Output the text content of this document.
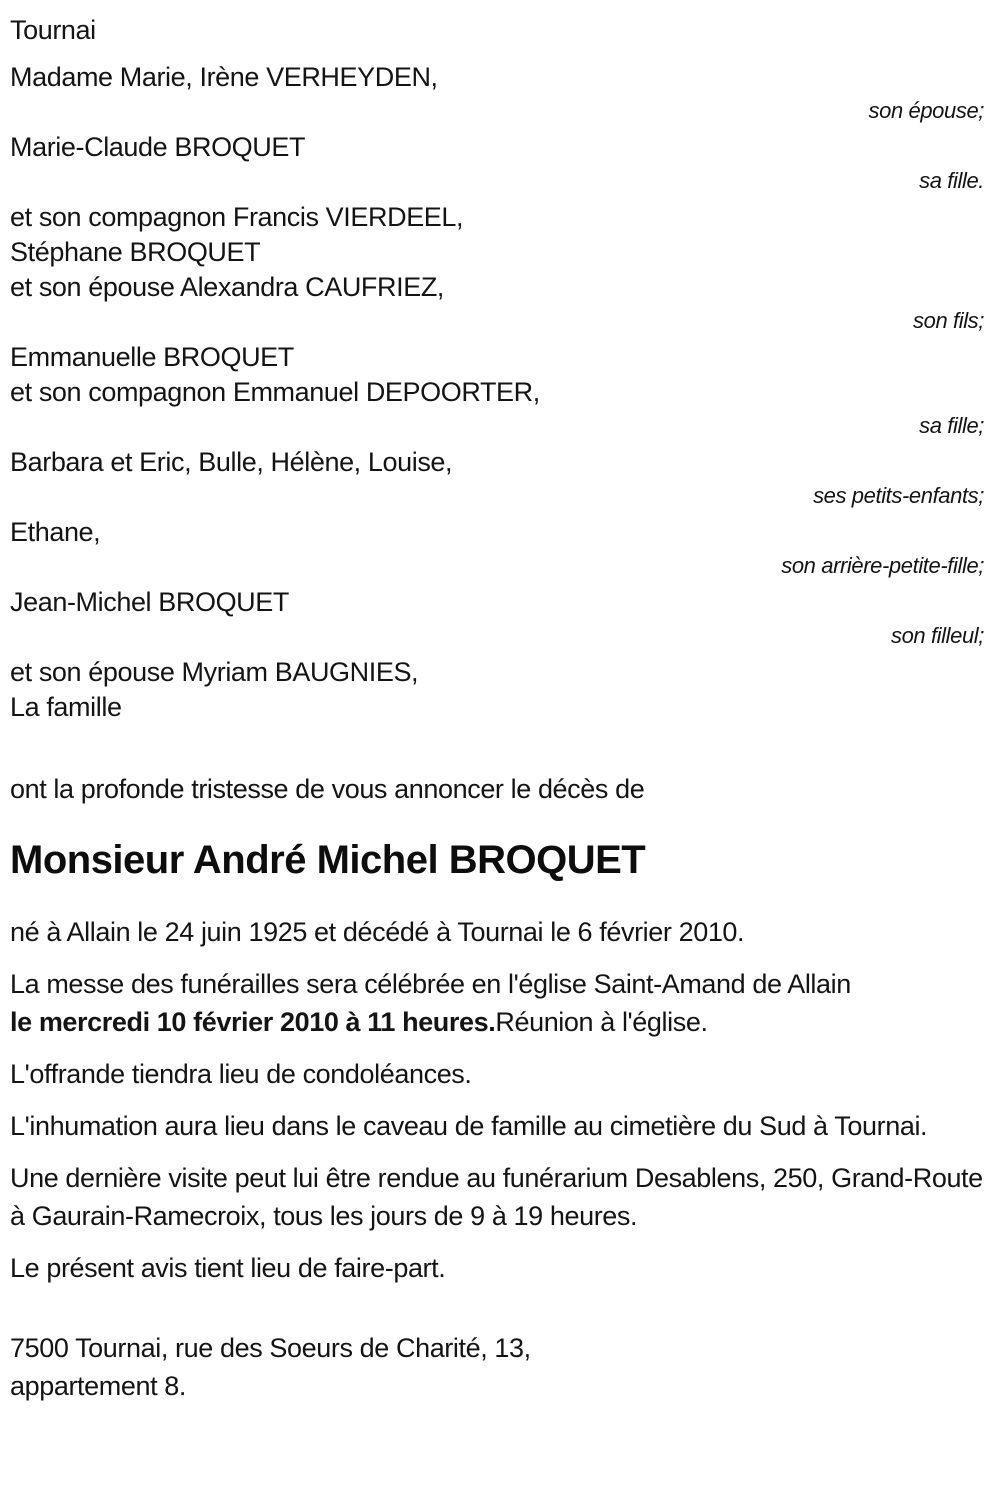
Tournai
Madame Marie, Irène VERHEYDEN,
son épouse;
Marie-Claude BROQUET
sa fille.
et son compagnon Francis VIERDEEL,
Stéphane BROQUET
et son épouse Alexandra CAUFRIEZ,
son fils;
Emmanuelle BROQUET
et son compagnon Emmanuel DEPOORTER,
sa fille;
Barbara et Eric, Bulle, Hélène, Louise,
ses petits-enfants;
Ethane,
son arrière-petite-fille;
Jean-Michel BROQUET
son filleul;
et son épouse Myriam BAUGNIES,
La famille
ont la profonde tristesse de vous annoncer le décès de
Monsieur André Michel BROQUET

né à Allain le 24 juin 1925 et décédé à Tournai le 6 février 2010.

La messe des funérailles sera célébrée en l'église Saint-Amand de Allain
le mercredi 10 février 2010 à 11 heures.Réunion à l'église.

L'offrande tiendra lieu de condoléances.

L'inhumation aura lieu dans le caveau de famille au cimetière du Sud à Tournai.

Une dernière visite peut lui être rendue au funérarium Desablens, 250, Grand-Route à Gaurain-Ramecroix, tous les jours de 9 à 19 heures.

Le présent avis tient lieu de faire-part.

7500 Tournai, rue des Soeurs de Charité, 13,
appartement 8.
